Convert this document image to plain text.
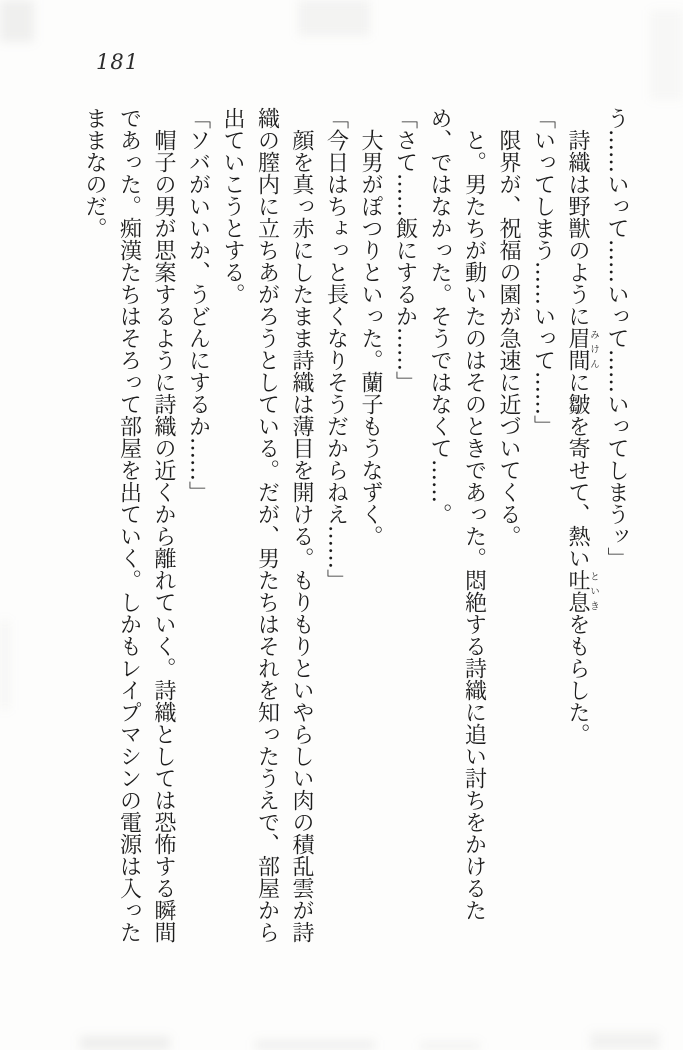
181

う……いって……いって……いってしまうッ」

詩織は野獣のように眉間みけんに皺を寄せて、熱い吐息といきをもらした。

「いってしまう……いって……」

限界が、祝福の園が急速に近づいてくる。

と。男たちが動いたのはそのときであった。悶絶する詩織に追い討ちをかけるため、ではなかった。そうではなくて……。

「さて……飯にするか……」

大男がぽつりといった。蘭子もうなずく。

「今日はちょっと長くなりそうだからねえ……」

顔を真っ赤にしたまま詩織は薄目を開ける。もりもりといやらしい肉の積乱雲が詩織の膣内に立ちあがろうとしている。だが、男たちはそれを知ったうえで、部屋から出ていこうとする。

「ソバがいいか、うどんにするか……」

帽子の男が思案するように詩織の近くから離れていく。詩織としては恐怖する瞬間であった。痴漢たちはそろって部屋を出ていく。しかもレイプマシンの電源は入ったままなのだ。
